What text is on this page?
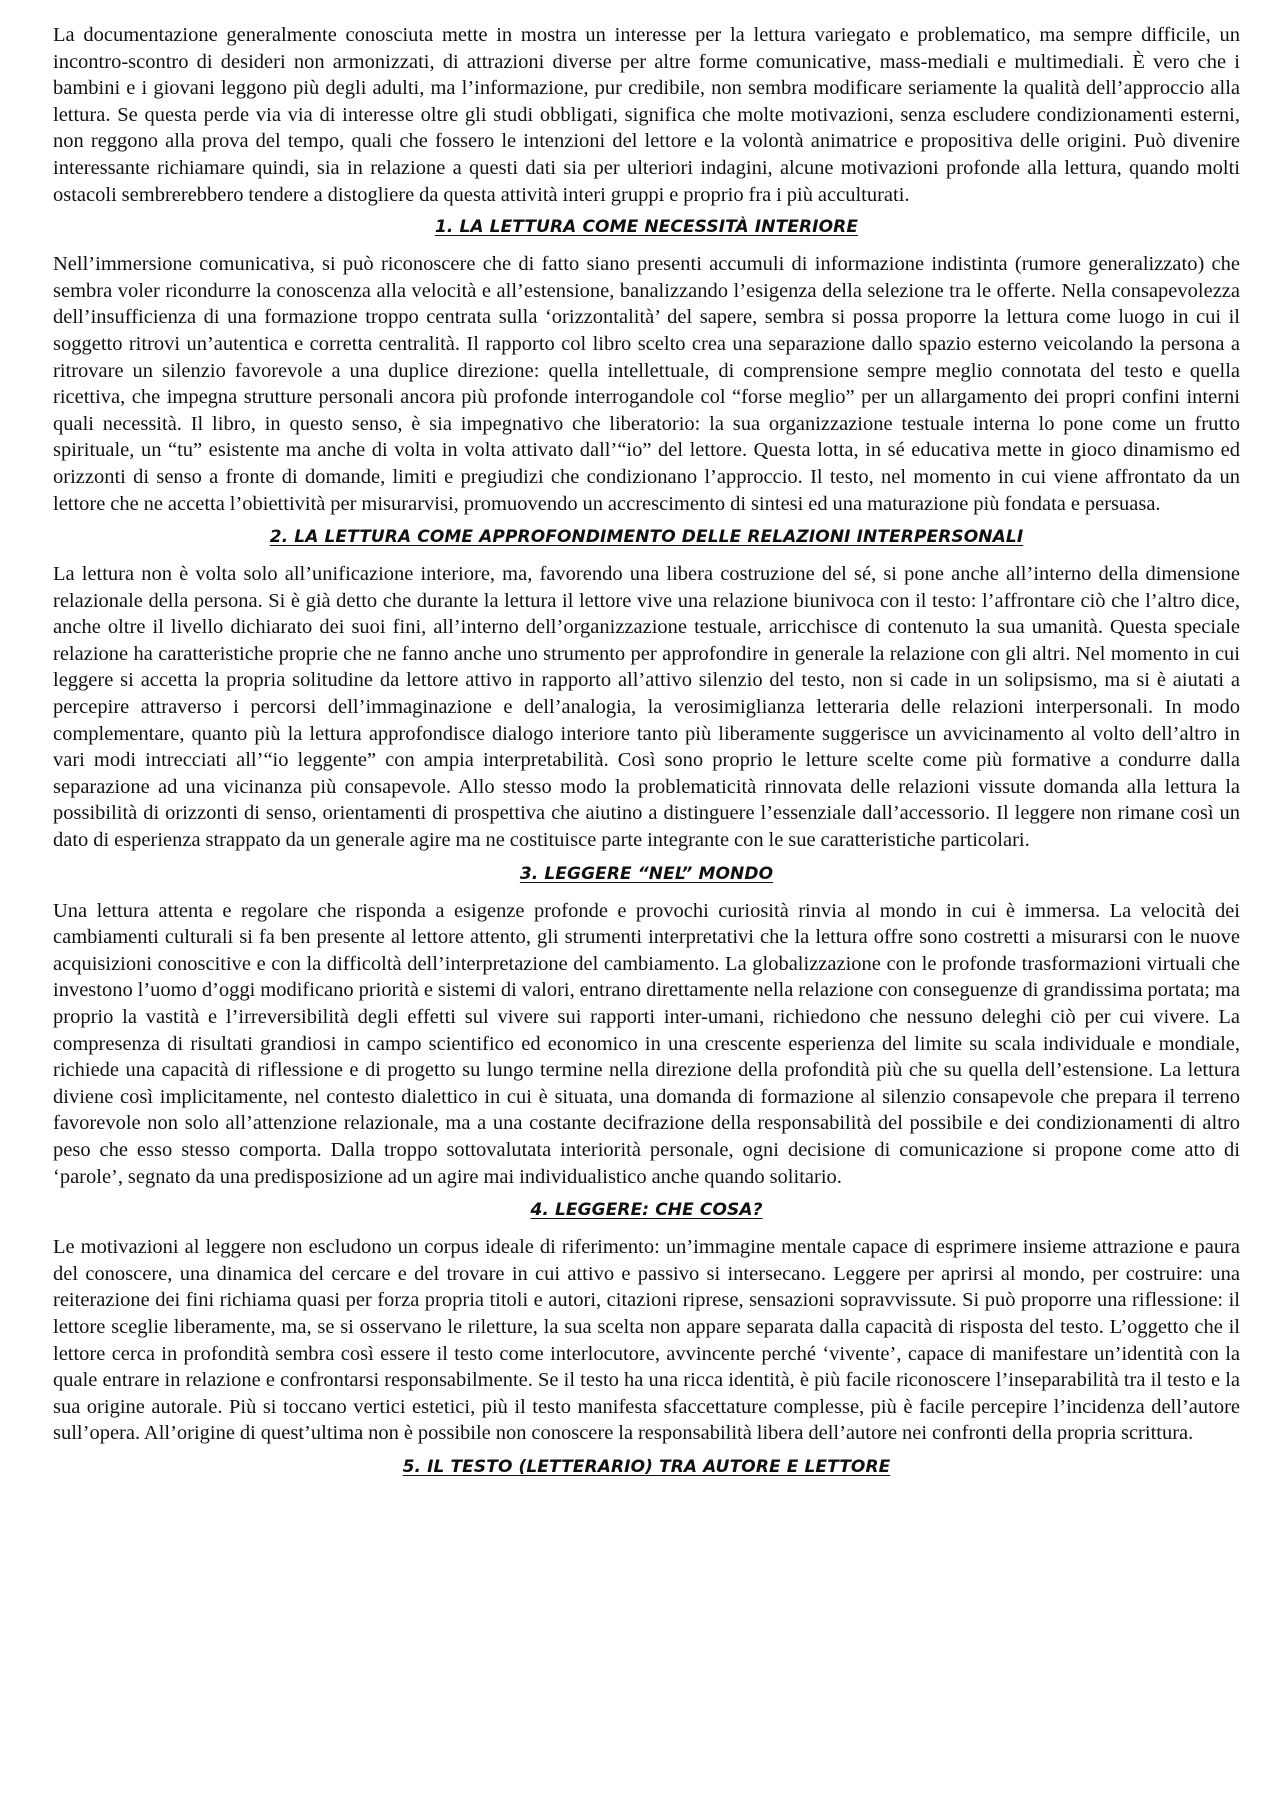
La documentazione generalmente conosciuta mette in mostra un interesse per la lettura variegato e problematico, ma sempre difficile, un incontro-scontro di desideri non armonizzati, di attrazioni diverse per altre forme comunicative, mass-mediali e multimediali. È vero che i bambini e i giovani leggono più degli adulti, ma l’informazione, pur credibile, non sembra modificare seriamente la qualità dell’approccio alla lettura. Se questa perde via via di interesse oltre gli studi obbligati, significa che molte motivazioni, senza escludere condizionamenti esterni, non reggono alla prova del tempo, quali che fossero le intenzioni del lettore e la volontà animatrice e propositiva delle origini. Può divenire interessante richiamare quindi, sia in relazione a questi dati sia per ulteriori indagini, alcune motivazioni profonde alla lettura, quando molti ostacoli sembrerebbero tendere a distogliere da questa attività interi gruppi e proprio fra i più acculturati.

1. LA LETTURA COME NECESSITÀ INTERIORE

Nell’immersione comunicativa, si può riconoscere che di fatto siano presenti accumuli di informazione indistinta (rumore generalizzato) che sembra voler ricondurre la conoscenza alla velocità e all’estensione, banalizzando l’esigenza della selezione tra le offerte. Nella consapevolezza dell’insufficienza di una formazione troppo centrata sulla ‘orizzontalità’ del sapere, sembra si possa proporre la lettura come luogo in cui il soggetto ritrovi un’autentica e corretta centralità. Il rapporto col libro scelto crea una separazione dallo spazio esterno veicolando la persona a ritrovare un silenzio favorevole a una duplice direzione: quella intellettuale, di comprensione sempre meglio connotata del testo e quella ricettiva, che impegna strutture personali ancora più profonde interrogandole col “forse meglio” per un allargamento dei propri confini interni quali necessità. Il libro, in questo senso, è sia impegnativo che liberatorio: la sua organizzazione testuale interna lo pone come un frutto spirituale, un “tu” esistente ma anche di volta in volta attivato dall’“io” del lettore. Questa lotta, in sé educativa mette in gioco dinamismo ed orizzonti di senso a fronte di domande, limiti e pregiudizi che condizionano l’approccio. Il testo, nel momento in cui viene affrontato da un lettore che ne accetta l’obiettività per misurarvisi, promuovendo un accrescimento di sintesi ed una maturazione più fondata e persuasa.

2. LA LETTURA COME APPROFONDIMENTO DELLE RELAZIONI INTERPERSONALI

La lettura non è volta solo all’unificazione interiore, ma, favorendo una libera costruzione del sé, si pone anche all’interno della dimensione relazionale della persona. Si è già detto che durante la lettura il lettore vive una relazione biunivoca con il testo: l’affrontare ciò che l’altro dice, anche oltre il livello dichiarato dei suoi fini, all’interno dell’organizzazione testuale, arricchisce di contenuto la sua umanità. Questa speciale relazione ha caratteristiche proprie che ne fanno anche uno strumento per approfondire in generale la relazione con gli altri. Nel momento in cui leggere si accetta la propria solitudine da lettore attivo in rapporto all’attivo silenzio del testo, non si cade in un solipsismo, ma si è aiutati a percepire attraverso i percorsi dell’immaginazione e dell’analogia, la verosimiglianza letteraria delle relazioni interpersonali. In modo complementare, quanto più la lettura approfondisce dialogo interiore tanto più liberamente suggerisce un avvicinamento al volto dell’altro in vari modi intrecciati all’“io leggente” con ampia interpretabilità. Così sono proprio le letture scelte come più formative a condurre dalla separazione ad una vicinanza più consapevole. Allo stesso modo la problematicità rinnovata delle relazioni vissute domanda alla lettura la possibilità di orizzonti di senso, orientamenti di prospettiva che aiutino a distinguere l’essenziale dall’accessorio. Il leggere non rimane così un dato di esperienza strappato da un generale agire ma ne costituisce parte integrante con le sue caratteristiche particolari.

3. LEGGERE “NEL” MONDO

Una lettura attenta e regolare che risponda a esigenze profonde e provochi curiosità rinvia al mondo in cui è immersa. La velocità dei cambiamenti culturali si fa ben presente al lettore attento, gli strumenti interpretativi che la lettura offre sono costretti a misurarsi con le nuove acquisizioni conoscitive e con la difficoltà dell’interpretazione del cambiamento. La globalizzazione con le profonde trasformazioni virtuali che investono l’uomo d’oggi modificano priorità e sistemi di valori, entrano direttamente nella relazione con conseguenze di grandissima portata; ma proprio la vastità e l’irreversibilità degli effetti sul vivere sui rapporti inter-umani, richiedono che nessuno deleghi ciò per cui vivere. La compresenza di risultati grandiosi in campo scientifico ed economico in una crescente esperienza del limite su scala individuale e mondiale, richiede una capacità di riflessione e di progetto su lungo termine nella direzione della profondità più che su quella dell’estensione. La lettura diviene così implicitamente, nel contesto dialettico in cui è situata, una domanda di formazione al silenzio consapevole che prepara il terreno favorevole non solo all’attenzione relazionale, ma a una costante decifrazione della responsabilità del possibile e dei condizionamenti di altro peso che esso stesso comporta. Dalla troppo sottovalutata interiorità personale, ogni decisione di comunicazione si propone come atto di ‘parole’, segnato da una predisposizione ad un agire mai individualistico anche quando solitario.

4. LEGGERE: CHE COSA?

Le motivazioni al leggere non escludono un corpus ideale di riferimento: un’immagine mentale capace di esprimere insieme attrazione e paura del conoscere, una dinamica del cercare e del trovare in cui attivo e passivo si intersecano. Leggere per aprirsi al mondo, per costruire: una reiterazione dei fini richiama quasi per forza propria titoli e autori, citazioni riprese, sensazioni sopravvissute. Si può proporre una riflessione: il lettore sceglie liberamente, ma, se si osservano le riletture, la sua scelta non appare separata dalla capacità di risposta del testo. L’oggetto che il lettore cerca in profondità sembra così essere il testo come interlocutore, avvincente perché ‘vivente’, capace di manifestare un’identità con la quale entrare in relazione e confrontarsi responsabilmente. Se il testo ha una ricca identità, è più facile riconoscere l’inseparabilità tra il testo e la sua origine autorale. Più si toccano vertici estetici, più il testo manifesta sfaccettature complesse, più è facile percepire l’incidenza dell’autore sull’opera. All’origine di quest’ultima non è possibile non conoscere la responsabilità libera dell’autore nei confronti della propria scrittura.

5. IL TESTO (LETTERARIO) TRA AUTORE E LETTORE
